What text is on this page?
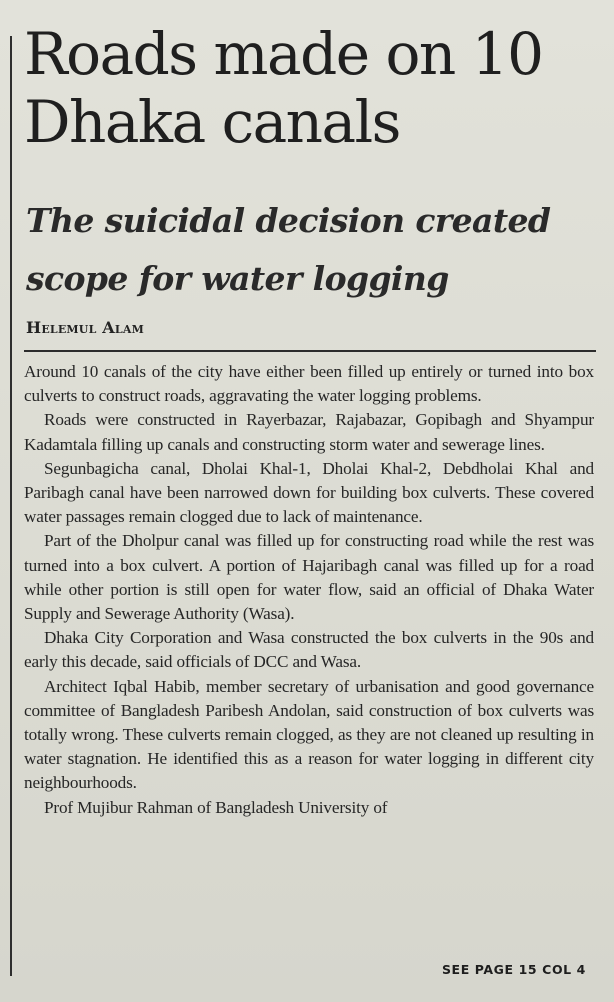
Roads made on 10 Dhaka canals
The suicidal decision created scope for water logging
Helemul Alam

Around 10 canals of the city have either been filled up entirely or turned into box culverts to construct roads, aggravating the water logging problems.

Roads were constructed in Rayerbazar, Rajabazar, Gopibagh and Shyampur Kadamtala filling up canals and constructing storm water and sewerage lines.

Segunbagicha canal, Dholai Khal-1, Dholai Khal-2, Debdholai Khal and Paribagh canal have been narrowed down for building box culverts. These covered water passages remain clogged due to lack of maintenance.

Part of the Dholpur canal was filled up for constructing road while the rest was turned into a box culvert. A portion of Hajaribagh canal was filled up for a road while other portion is still open for water flow, said an official of Dhaka Water Supply and Sewerage Authority (Wasa).

Dhaka City Corporation and Wasa constructed the box culverts in the 90s and early this decade, said officials of DCC and Wasa.

Architect Iqbal Habib, member secretary of urbanisation and good governance committee of Bangladesh Paribesh Andolan, said construction of box culverts was totally wrong. These culverts remain clogged, as they are not cleaned up resulting in water stagnation. He identified this as a reason for water logging in different city neighbourhoods.

Prof Mujibur Rahman of Bangladesh University of

SEE PAGE 15 COL 4
